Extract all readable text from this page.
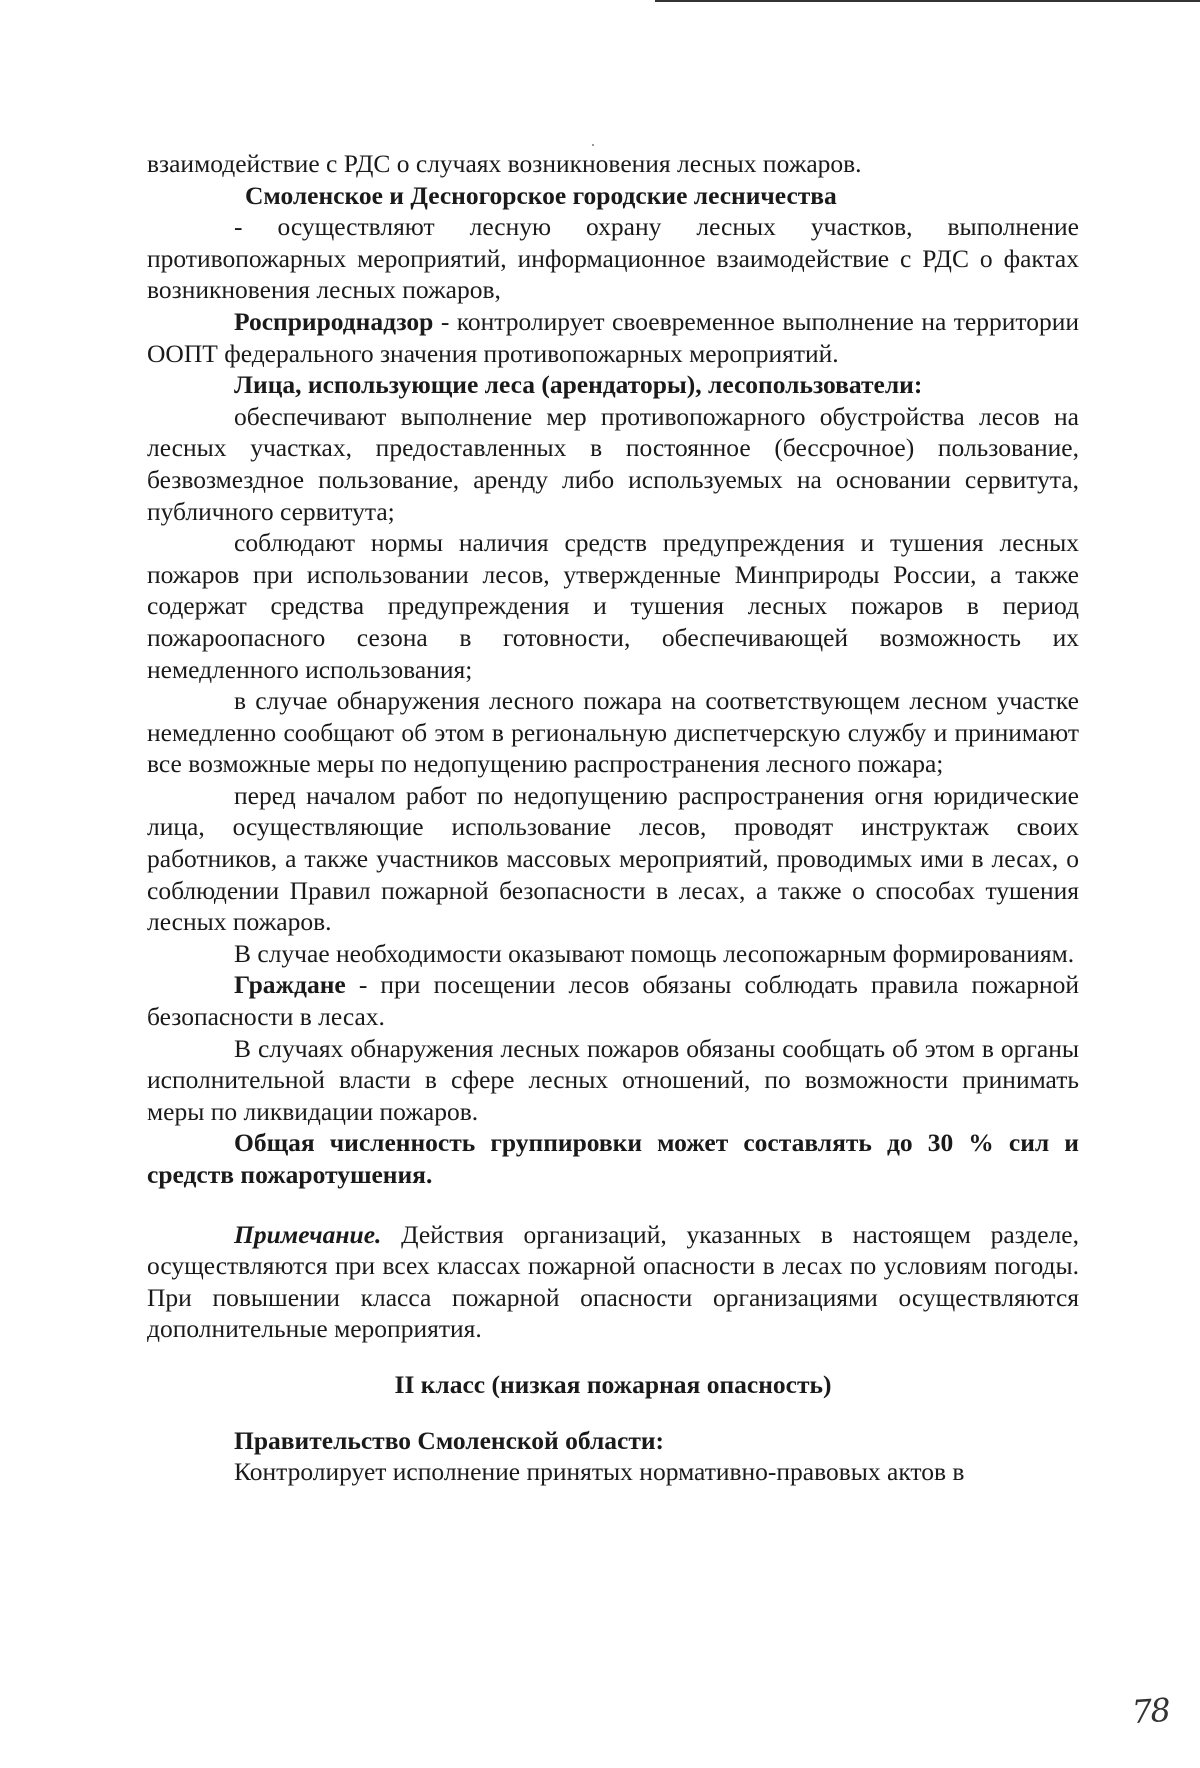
взаимодействие с РДС о случаях возникновения лесных пожаров.

Смоленское и Десногорское городские лесничества

- осуществляют лесную охрану лесных участков, выполнение противопожарных мероприятий, информационное взаимодействие с РДС о фактах возникновения лесных пожаров,

Росприроднадзор - контролирует своевременное выполнение на территории ООПТ федерального значения противопожарных мероприятий.

Лица, использующие леса (арендаторы), лесопользователи:

обеспечивают выполнение мер противопожарного обустройства лесов на лесных участках, предоставленных в постоянное (бессрочное) пользование, безвозмездное пользование, аренду либо используемых на основании сервитута, публичного сервитута;

соблюдают нормы наличия средств предупреждения и тушения лесных пожаров при использовании лесов, утвержденные Минприроды России, а также содержат средства предупреждения и тушения лесных пожаров в период пожароопасного сезона в готовности, обеспечивающей возможность их немедленного использования;

в случае обнаружения лесного пожара на соответствующем лесном участке немедленно сообщают об этом в региональную диспетчерскую службу и принимают все возможные меры по недопущению распространения лесного пожара;

перед началом работ по недопущению распространения огня юридические лица, осуществляющие использование лесов, проводят инструктаж своих работников, а также участников массовых мероприятий, проводимых ими в лесах, о соблюдении Правил пожарной безопасности в лесах, а также о способах тушения лесных пожаров.

В случае необходимости оказывают помощь лесопожарным формированиям.

Граждане - при посещении лесов обязаны соблюдать правила пожарной безопасности в лесах.

В случаях обнаружения лесных пожаров обязаны сообщать об этом в органы исполнительной власти в сфере лесных отношений, по возможности принимать меры по ликвидации пожаров.

Общая численность группировки может составлять до 30 % сил и средств пожаротушения.

Примечание. Действия организаций, указанных в настоящем разделе, осуществляются при всех классах пожарной опасности в лесах по условиям погоды. При повышении класса пожарной опасности организациями осуществляются дополнительные мероприятия.

II класс (низкая пожарная опасность)

Правительство Смоленской области:

Контролирует исполнение принятых нормативно-правовых актов в

78
